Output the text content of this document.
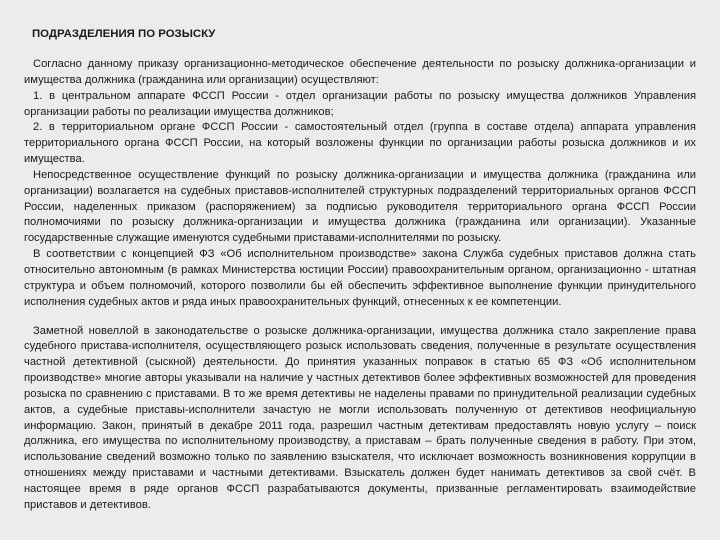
ПОДРАЗДЕЛЕНИЯ ПО РОЗЫСКУ

Согласно данному приказу организационно-методическое обеспечение деятельности по розыску должника-организации и имущества должника (гражданина или организации) осуществляют:

1. в центральном аппарате ФССП России - отдел организации работы по розыску имущества должников Управления организации работы по реализации имущества должников;

2. в территориальном органе ФССП России - самостоятельный отдел (группа в составе отдела) аппарата управления территориального органа ФССП России, на который возложены функции по организации работы розыска должников и их имущества.

Непосредственное осуществление функций по розыску должника-организации и имущества должника (гражданина или организации) возлагается на судебных приставов-исполнителей структурных подразделений территориальных органов ФССП России, наделенных приказом (распоряжением) за подписью руководителя территориального органа ФССП России полномочиями по розыску должника-организации и имущества должника (гражданина или организации). Указанные государственные служащие именуются судебными приставами-исполнителями по розыску.

В соответствии с концепцией ФЗ «Об исполнительном производстве» закона Служба судебных приставов должна стать относительно автономным (в рамках Министерства юстиции России) правоохранительным органом, организационно - штатная структура и объем полномочий, которого позволили бы ей обеспечить эффективное выполнение функции принудительного исполнения судебных актов и ряда иных правоохранительных функций, отнесенных к ее компетенции.

Заметной новеллой в законодательстве о розыске должника-организации, имущества должника стало закрепление права судебного пристава-исполнителя, осуществляющего розыск использовать сведения, полученные в результате осуществления частной детективной (сыскной) деятельности. До принятия указанных поправок в статью 65 ФЗ «Об исполнительном производстве» многие авторы указывали на наличие у частных детективов более эффективных возможностей для проведения розыска по сравнению с приставами. В то же время детективы не наделены правами по принудительной реализации судебных актов, а судебные приставы-исполнители зачастую не могли использовать полученную от детективов неофициальную информацию. Закон, принятый в декабре 2011 года, разрешил частным детективам предоставлять новую услугу – поиск должника, его имущества по исполнительному производству, а приставам – брать полученные сведения в работу. При этом, использование сведений возможно только по заявлению взыскателя, что исключает возможность возникновения коррупции в отношениях между приставами и частными детективами. Взыскатель должен будет нанимать детективов за свой счёт. В настоящее время в ряде органов ФССП разрабатываются документы, призванные регламентировать взаимодействие приставов и детективов.
